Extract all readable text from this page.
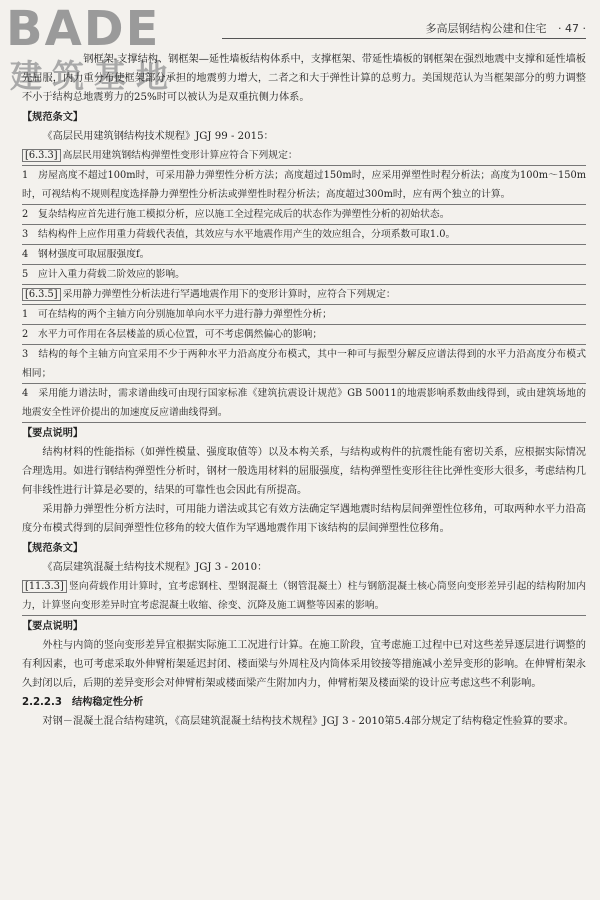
BADE
建筑基地
多高层钢结构公建和住宅 · 47 ·

钢框架-支撑结构、钢框架—延性墙板结构体系中，支撑框架、带延性墙板的钢框架在强烈地震中支撑和延性墙板先屈服，内力重分布使框架部分承担的地震剪力增大，二者之和大于弹性计算的总剪力。美国规范认为当框架部分的剪力调整不小于结构总地震剪力的25%时可以被认为是双重抗侧力体系。

【规范条文】

《高层民用建筑钢结构技术规程》JGJ 99 - 2015：

[6.3.3] 高层民用建筑钢结构弹塑性变形计算应符合下列规定：
1　房屋高度不超过100m时，可采用静力弹塑性分析方法；高度超过150m时，应采用弹塑性时程分析法；高度为100m～150m时，可视结构不规则程度选择静力弹塑性分析法或弹塑性时程分析法；高度超过300m时，应有两个独立的计算。
2　复杂结构应首先进行施工模拟分析，应以施工全过程完成后的状态作为弹塑性分析的初始状态。
3　结构构件上应作用重力荷载代表值，其效应与水平地震作用产生的效应组合，分项系数可取1.0。
4　钢材强度可取屈服强度f。
5　应计入重力荷载二阶效应的影响。
[6.3.5] 采用静力弹塑性分析法进行罕遇地震作用下的变形计算时，应符合下列规定：
1　可在结构的两个主轴方向分别施加单向水平力进行静力弹塑性分析；
2　水平力可作用在各层楼盖的质心位置，可不考虑偶然偏心的影响；
3　结构的每个主轴方向宜采用不少于两种水平力沿高度分布模式，其中一种可与振型分解反应谱法得到的水平力沿高度分布模式相同；
4　采用能力谱法时，需求谱曲线可由现行国家标准《建筑抗震设计规范》GB 50011的地震影响系数曲线得到，或由建筑场地的地震安全性评价提出的加速度反应谱曲线得到。
【要点说明】

结构材料的性能指标（如弹性模量、强度取值等）以及本构关系，与结构或构件的抗震性能有密切关系，应根据实际情况合理选用。如进行钢结构弹塑性分析时，钢材一般选用材料的屈服强度，结构弹塑性变形往往比弹性变形大很多，考虑结构几何非线性进行计算是必要的，结果的可靠性也会因此有所提高。

采用静力弹塑性分析方法时，可用能力谱法或其它有效方法确定罕遇地震时结构层间弹塑性位移角，可取两种水平力沿高度分布模式得到的层间弹塑性位移角的较大值作为罕遇地震作用下该结构的层间弹塑性位移角。

【规范条文】

《高层建筑混凝土结构技术规程》JGJ 3 - 2010：

[11.3.3] 竖向荷载作用计算时，宜考虑钢柱、型钢混凝土（钢管混凝土）柱与钢筋混凝土核心筒竖向变形差异引起的结构附加内力，计算竖向变形差异时宜考虑混凝土收缩、徐变、沉降及施工调整等因素的影响。
【要点说明】

外柱与内筒的竖向变形差异宜根据实际施工工况进行计算。在施工阶段，宜考虑施工过程中已对这些差异逐层进行调整的有利因素，也可考虑采取外伸臂桁架延迟封闭、楼面梁与外周柱及内筒体采用铰接等措施减小差异变形的影响。在伸臂桁架永久封闭以后，后期的差异变形会对伸臂桁架或楼面梁产生附加内力，伸臂桁架及楼面梁的设计应考虑这些不利影响。

2.2.2.3 结构稳定性分析

对钢－混凝土混合结构建筑，《高层建筑混凝土结构技术规程》JGJ 3 - 2010第5.4部分规定了结构稳定性验算的要求。
